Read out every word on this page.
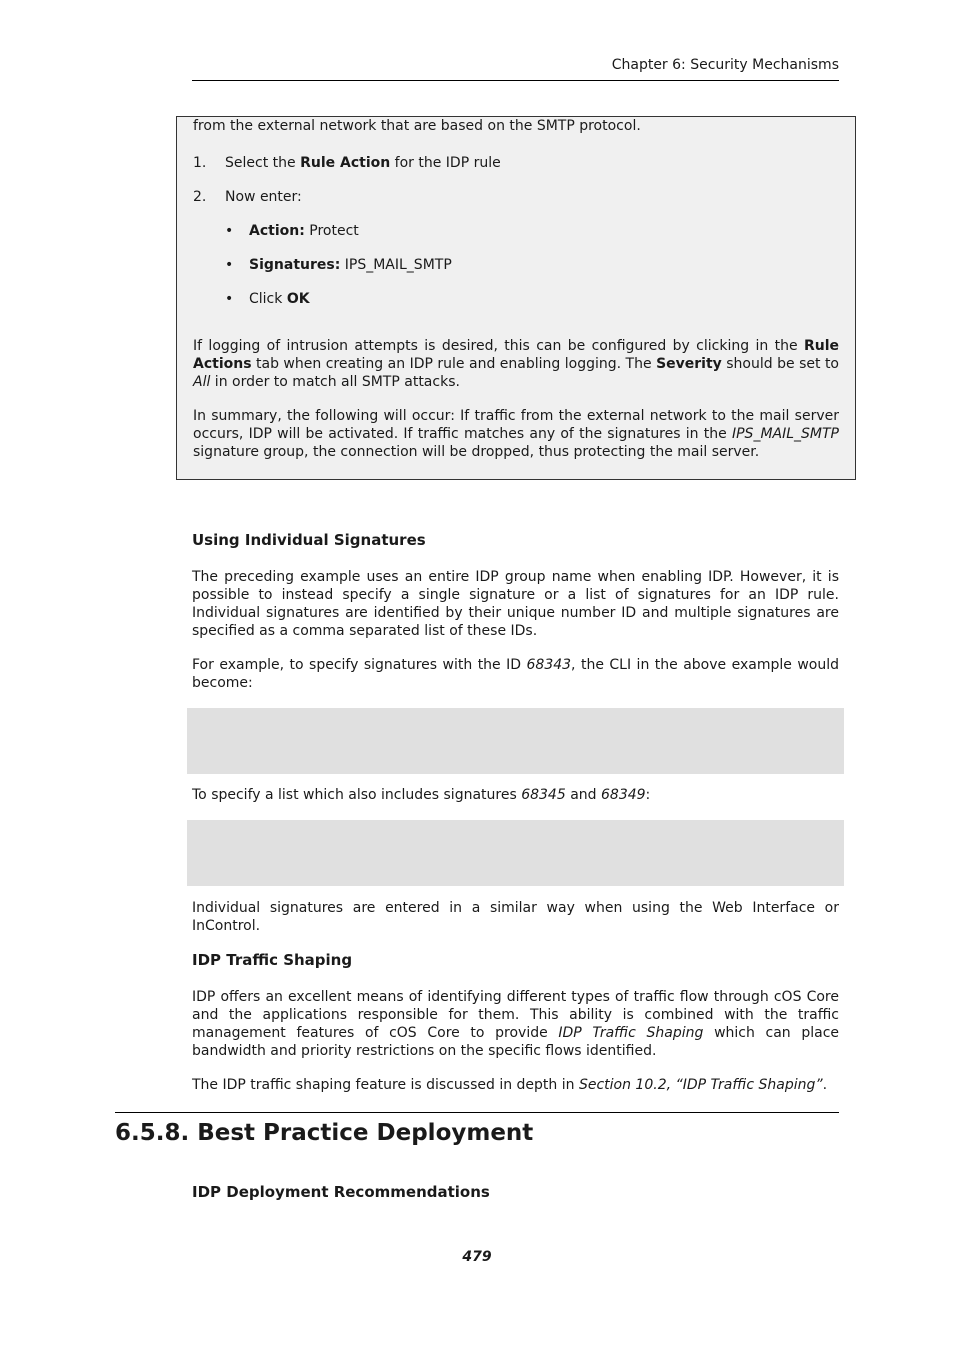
Chapter 6: Security Mechanisms

from the external network that are based on the SMTP protocol.

1. Select the Rule Action for the IDP rule
2. Now enter:
• Action: Protect
• Signatures: IPS_MAIL_SMTP
• Click OK

If logging of intrusion attempts is desired, this can be configured by clicking in the Rule Actions tab when creating an IDP rule and enabling logging. The Severity should be set to All in order to match all SMTP attacks.

In summary, the following will occur: If traffic from the external network to the mail server occurs, IDP will be activated. If traffic matches any of the signatures in the IPS_MAIL_SMTP signature group, the connection will be dropped, thus protecting the mail server.

Using Individual Signatures

The preceding example uses an entire IDP group name when enabling IDP. However, it is possible to instead specify a single signature or a list of signatures for an IDP rule. Individual signatures are identified by their unique number ID and multiple signatures are specified as a comma separated list of these IDs.

For example, to specify signatures with the ID 68343, the CLI in the above example would become:

To specify a list which also includes signatures 68345 and 68349:

Individual signatures are entered in a similar way when using the Web Interface or InControl.

IDP Traffic Shaping

IDP offers an excellent means of identifying different types of traffic flow through cOS Core and the applications responsible for them. This ability is combined with the traffic management features of cOS Core to provide IDP Traffic Shaping which can place bandwidth and priority restrictions on the specific flows identified.

The IDP traffic shaping feature is discussed in depth in Section 10.2, “IDP Traffic Shaping”.

6.5.8. Best Practice Deployment
IDP Deployment Recommendations
479
